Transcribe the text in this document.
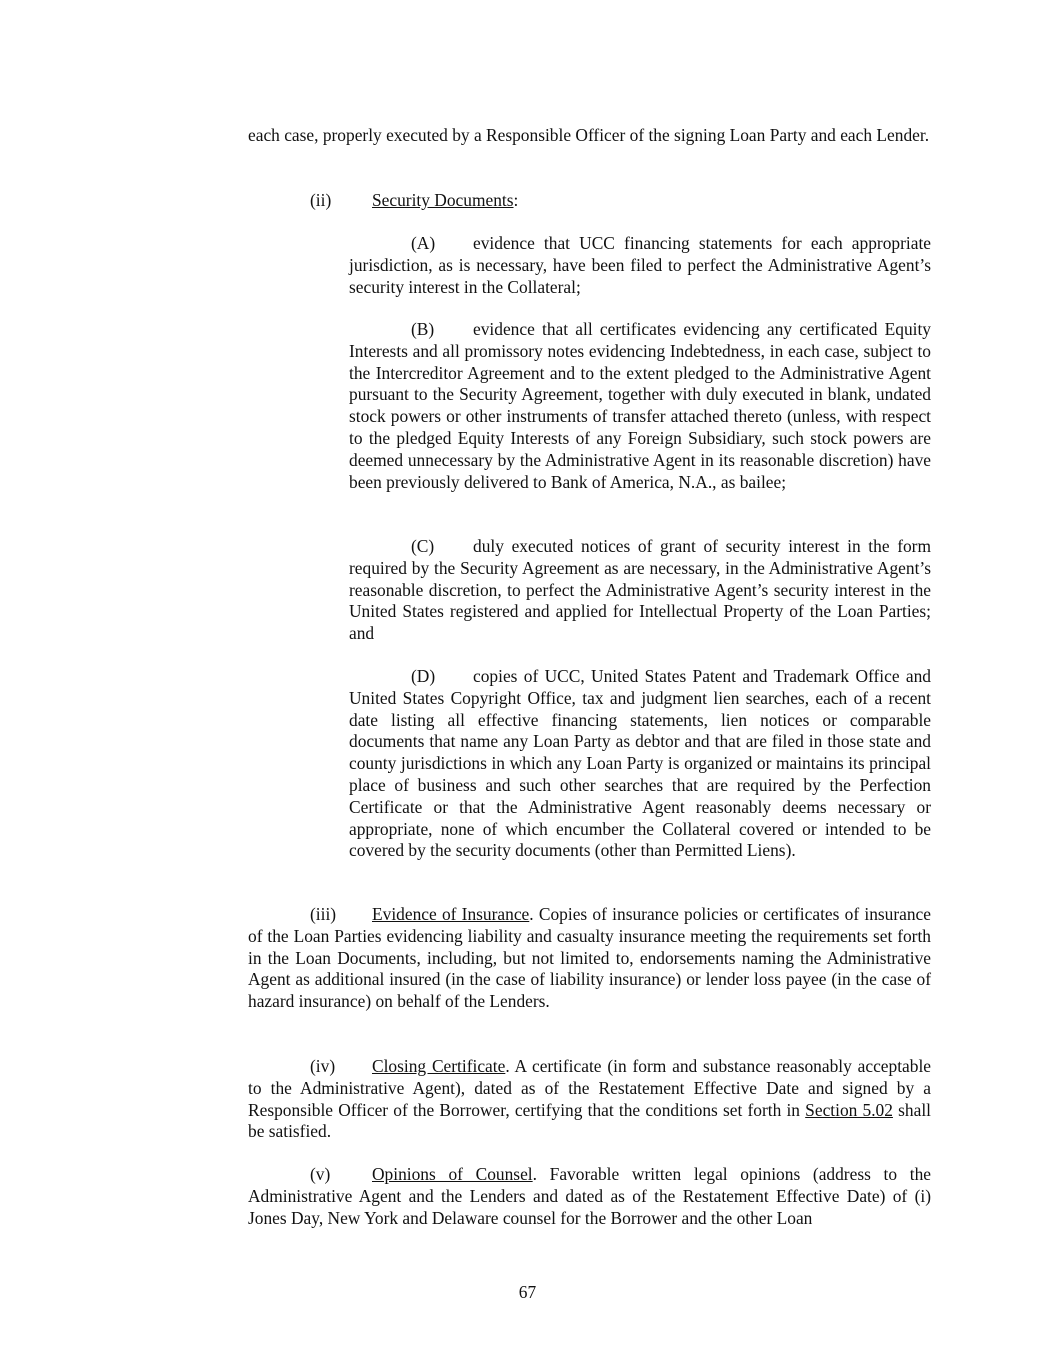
each case, properly executed by a Responsible Officer of the signing Loan Party and each Lender.
(ii) Security Documents:
(A) evidence that UCC financing statements for each appropriate jurisdiction, as is necessary, have been filed to perfect the Administrative Agent’s security interest in the Collateral;
(B) evidence that all certificates evidencing any certificated Equity Interests and all promissory notes evidencing Indebtedness, in each case, subject to the Intercreditor Agreement and to the extent pledged to the Administrative Agent pursuant to the Security Agreement, together with duly executed in blank, undated stock powers or other instruments of transfer attached thereto (unless, with respect to the pledged Equity Interests of any Foreign Subsidiary, such stock powers are deemed unnecessary by the Administrative Agent in its reasonable discretion) have been previously delivered to Bank of America, N.A., as bailee;
(C) duly executed notices of grant of security interest in the form required by the Security Agreement as are necessary, in the Administrative Agent’s reasonable discretion, to perfect the Administrative Agent’s security interest in the United States registered and applied for Intellectual Property of the Loan Parties; and
(D) copies of UCC, United States Patent and Trademark Office and United States Copyright Office, tax and judgment lien searches, each of a recent date listing all effective financing statements, lien notices or comparable documents that name any Loan Party as debtor and that are filed in those state and county jurisdictions in which any Loan Party is organized or maintains its principal place of business and such other searches that are required by the Perfection Certificate or that the Administrative Agent reasonably deems necessary or appropriate, none of which encumber the Collateral covered or intended to be covered by the security documents (other than Permitted Liens).
(iii) Evidence of Insurance. Copies of insurance policies or certificates of insurance of the Loan Parties evidencing liability and casualty insurance meeting the requirements set forth in the Loan Documents, including, but not limited to, endorsements naming the Administrative Agent as additional insured (in the case of liability insurance) or lender loss payee (in the case of hazard insurance) on behalf of the Lenders.
(iv) Closing Certificate. A certificate (in form and substance reasonably acceptable to the Administrative Agent), dated as of the Restatement Effective Date and signed by a Responsible Officer of the Borrower, certifying that the conditions set forth in Section 5.02 shall be satisfied.
(v) Opinions of Counsel. Favorable written legal opinions (address to the Administrative Agent and the Lenders and dated as of the Restatement Effective Date) of (i) Jones Day, New York and Delaware counsel for the Borrower and the other Loan
67
